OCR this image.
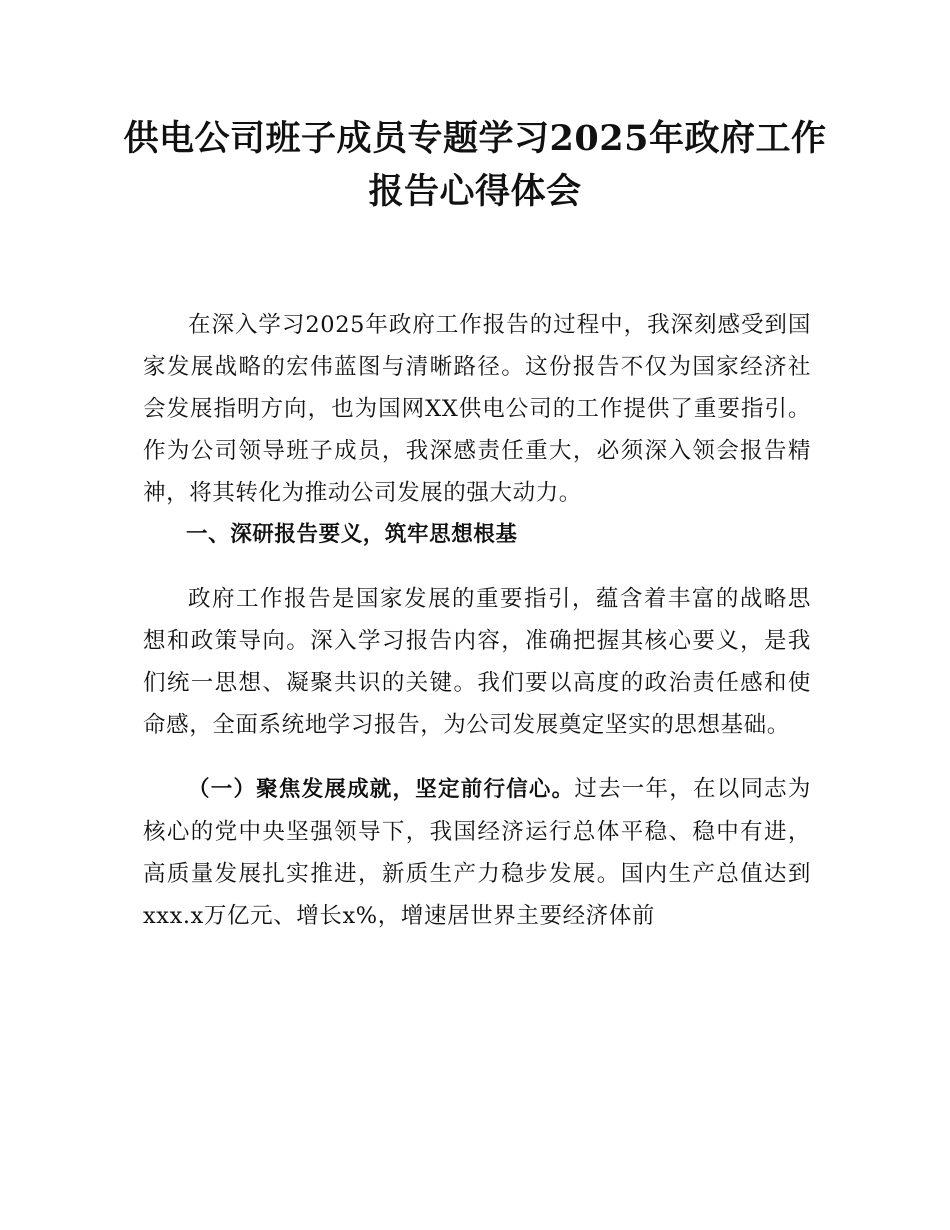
供电公司班子成员专题学习2025年政府工作
报告心得体会

在深入学习2025年政府工作报告的过程中，我深刻感受到国家发展战略的宏伟蓝图与清晰路径。这份报告不仅为国家经济社会发展指明方向，也为国网XX供电公司的工作提供了重要指引。作为公司领导班子成员，我深感责任重大，必须深入领会报告精神，将其转化为推动公司发展的强大动力。

一、深研报告要义，筑牢思想根基

政府工作报告是国家发展的重要指引，蕴含着丰富的战略思想和政策导向。深入学习报告内容，准确把握其核心要义，是我们统一思想、凝聚共识的关键。我们要以高度的政治责任感和使命感，全面系统地学习报告，为公司发展奠定坚实的思想基础。

（一）聚焦发展成就，坚定前行信心。过去一年，在以同志为核心的党中央坚强领导下，我国经济运行总体平稳、稳中有进，高质量发展扎实推进，新质生产力稳步发展。国内生产总值达到xxx.x万亿元、增长x%，增速居世界主要经济体前
